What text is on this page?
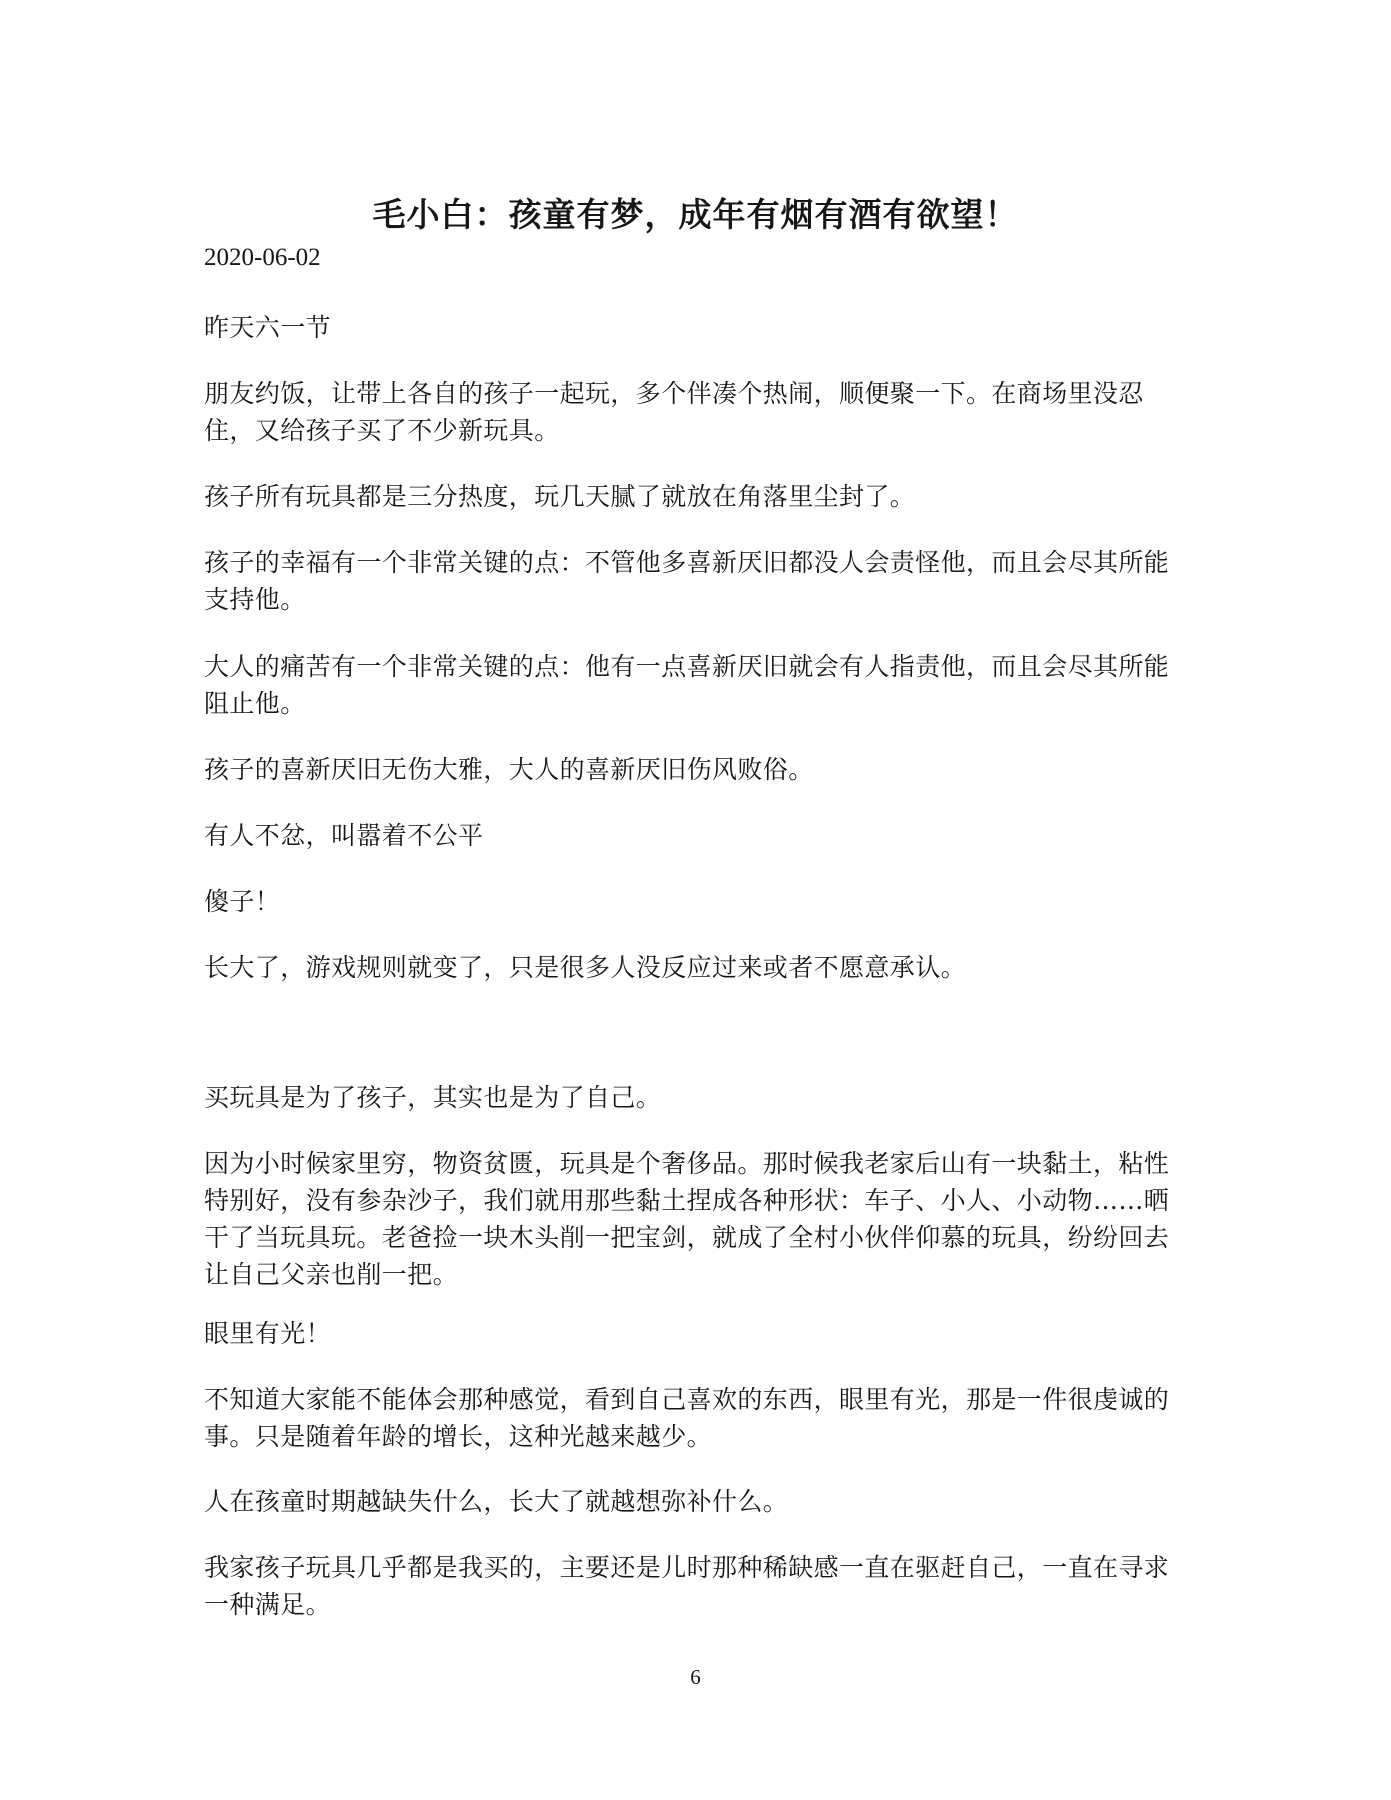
毛小白：孩童有梦，成年有烟有酒有欲望！

2020-06-02

昨天六一节

朋友约饭，让带上各自的孩子一起玩，多个伴凑个热闹，顺便聚一下。在商场里没忍住，又给孩子买了不少新玩具。

孩子所有玩具都是三分热度，玩几天腻了就放在角落里尘封了。

孩子的幸福有一个非常关键的点：不管他多喜新厌旧都没人会责怪他，而且会尽其所能支持他。

大人的痛苦有一个非常关键的点：他有一点喜新厌旧就会有人指责他，而且会尽其所能阻止他。

孩子的喜新厌旧无伤大雅，大人的喜新厌旧伤风败俗。

有人不忿，叫嚣着不公平

傻子！

长大了，游戏规则就变了，只是很多人没反应过来或者不愿意承认。

买玩具是为了孩子，其实也是为了自己。

因为小时候家里穷，物资贫匮，玩具是个奢侈品。那时候我老家后山有一块黏土，粘性特别好，没有参杂沙子，我们就用那些黏土捏成各种形状：车子、小人、小动物……晒干了当玩具玩。老爸捡一块木头削一把宝剑，就成了全村小伙伴仰慕的玩具，纷纷回去让自己父亲也削一把。

眼里有光！

不知道大家能不能体会那种感觉，看到自己喜欢的东西，眼里有光，那是一件很虔诚的事。只是随着年龄的增长，这种光越来越少。

人在孩童时期越缺失什么，长大了就越想弥补什么。

我家孩子玩具几乎都是我买的，主要还是儿时那种稀缺感一直在驱赶自己，一直在寻求一种满足。

6
